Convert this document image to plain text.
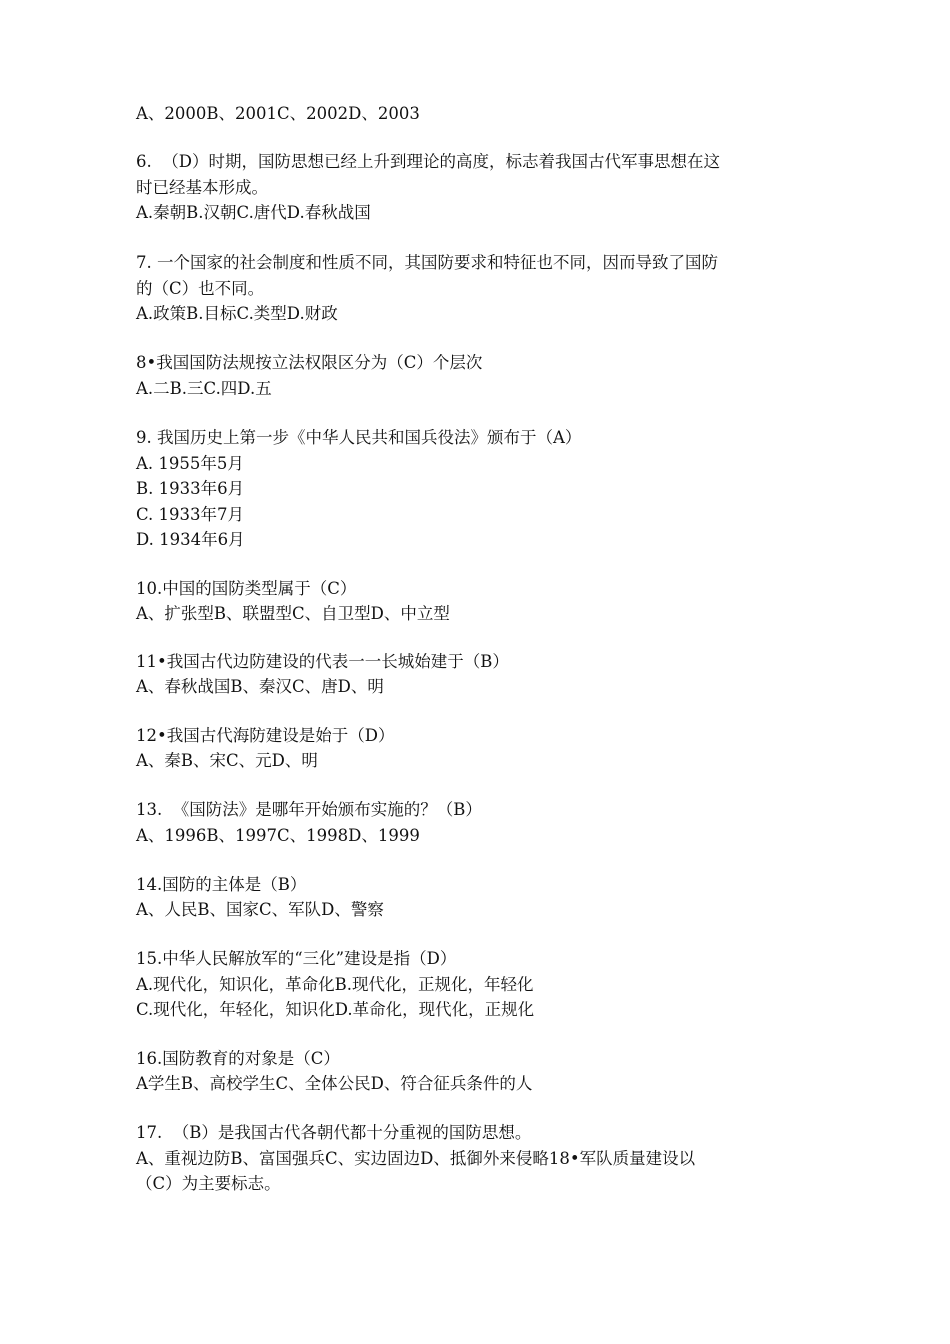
A、2000B、2001C、2002D、2003
6.  （D）时期，国防思想已经上升到理论的高度，标志着我国古代军事思想在这
时已经基本形成。
A.秦朝B.汉朝C.唐代D.春秋战国
7. 一个国家的社会制度和性质不同，其国防要求和特征也不同，因而导致了国防
的（C）也不同。
A.政策B.目标C.类型D.财政
8•我国国防法规按立法权限区分为（C）个层次
A.二B.三C.四D.五
9. 我国历史上第一步《中华人民共和国兵役法》颁布于（A）
A. 1955年5月
B. 1933年6月
C. 1933年7月
D. 1934年6月
10.中国的国防类型属于（C）
A、扩张型B、联盟型C、自卫型D、中立型
11•我国古代边防建设的代表一一长城始建于（B）
A、春秋战国B、秦汉C、唐D、明
12•我国古代海防建设是始于（D）
A、秦B、宋C、元D、明
13.  《国防法》是哪年开始颁布实施的？（B）
A、1996B、1997C、1998D、1999
14.国防的主体是（B）
A、人民B、国家C、军队D、警察
15.中华人民解放军的“三化”建设是指（D）
A.现代化，知识化，革命化B.现代化，正规化，年轻化
C.现代化，年轻化，知识化D.革命化，现代化，正规化
16.国防教育的对象是（C）
A学生B、高校学生C、全体公民D、符合征兵条件的人
17.  （B）是我国古代各朝代都十分重视的国防思想。
A、重视边防B、富国强兵C、实边固边D、抵御外来侵略18•军队质量建设以
（C）为主要标志。
